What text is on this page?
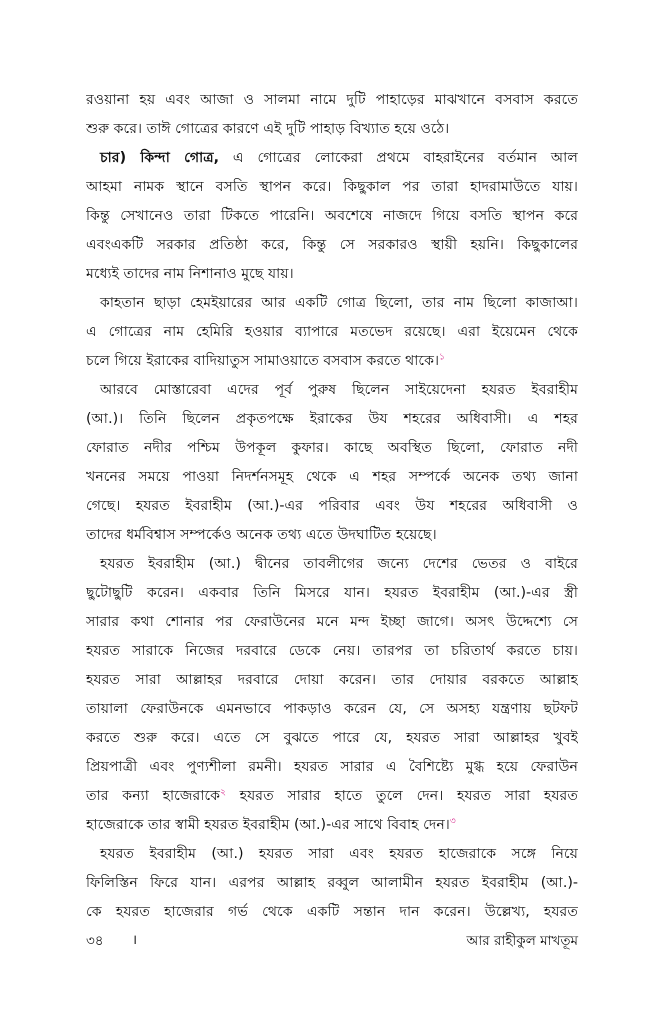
রওয়ানা হয় এবং আজা ও সালমা নামে দুটি পাহাড়ের মাঝখানে বসবাস করতে
শুরু করে। তাঈ গোত্রের কারণে এই দুটি পাহাড় বিখ্যাত হয়ে ওঠে।
চার) কিন্দা গোত্র, এ গোত্রের লোকেরা প্রথমে বাহরাইনের বর্তমান আল
আহমা নামক স্থানে বসতি স্থাপন করে। কিছুকাল পর তারা হাদরামাউতে যায়।
কিন্তু সেখানেও তারা টিকতে পারেনি। অবশেষে নাজদে গিয়ে বসতি স্থাপন করে
এবংএকটি সরকার প্রতিষ্ঠা করে, কিন্তু সে সরকারও স্থায়ী হয়নি। কিছুকালের
মধ্যেই তাদের নাম নিশানাও মুছে যায়।
কাহতান ছাড়া হেমইয়ারের আর একটি গোত্র ছিলো, তার নাম ছিলো কাজাআ।
এ গোত্রের নাম হেমিরি হওয়ার ব্যাপারে মতভেদ রয়েছে। এরা ইয়েমেন থেকে
চলে গিয়ে ইরাকের বাদিয়াতুস সামাওয়াতে বসবাস করতে থাকে।$^১$
আরবে মোস্তারেবা এদের পূর্ব পুরুষ ছিলেন সাইয়েদেনা হযরত ইবরাহীম
(আ.)। তিনি ছিলেন প্রকৃতপক্ষে ইরাকের উয শহরের অধিবাসী। এ শহর
ফোরাত নদীর পশ্চিম উপকূল কুফার। কাছে অবস্থিত ছিলো, ফোরাত নদী
খননের সময়ে পাওয়া নিদর্শনসমূহ থেকে এ শহর সম্পর্কে অনেক তথ্য জানা
গেছে। হযরত ইবরাহীম (আ.)-এর পরিবার এবং উয শহরের অধিবাসী ও
তাদের ধর্মবিশ্বাস সম্পর্কেও অনেক তথ্য এতে উদঘাটিত হয়েছে।
হযরত ইবরাহীম (আ.) দ্বীনের তাবলীগের জন্যে দেশের ভেতর ও বাইরে
ছুটোছুটি করেন। একবার তিনি মিসরে যান। হযরত ইবরাহীম (আ.)-এর স্ত্রী
সারার কথা শোনার পর ফেরাউনের মনে মন্দ ইচ্ছা জাগে। অসৎ উদ্দেশ্যে সে
হযরত সারাকে নিজের দরবারে ডেকে নেয়। তারপর তা চরিতার্থ করতে চায়।
হযরত সারা আল্লাহর দরবারে দোয়া করেন। তার দোয়ার বরকতে আল্লাহ
তায়ালা ফেরাউনকে এমনভাবে পাকড়াও করেন যে, সে অসহ্য যন্ত্রণায় ছটফট
করতে শুরু করে। এতে সে বুঝতে পারে যে, হযরত সারা আল্লাহর খুবই
প্রিয়পাত্রী এবং পুণ্যশীলা রমনী। হযরত সারার এ বৈশিষ্ট্যে মুগ্ধ হয়ে ফেরাউন
তার কন্যা হাজেরাকে$^২$ হযরত সারার হাতে তুলে দেন। হযরত সারা হযরত
হাজেরাকে তার স্বামী হযরত ইবরাহীম (আ.)-এর সাথে বিবাহ দেন।$^৩$
হযরত ইবরাহীম (আ.) হযরত সারা এবং হযরত হাজেরাকে সঙ্গে নিয়ে
ফিলিস্তিন ফিরে যান। এরপর আল্লাহ রব্বুল আলামীন হযরত ইবরাহীম (আ.)-
কে হযরত হাজেরার গর্ভ থেকে একটি সন্তান দান করেন। উল্লেখ্য, হযরত
৩৪ ।	আর রাহীকুল মাখতূম
